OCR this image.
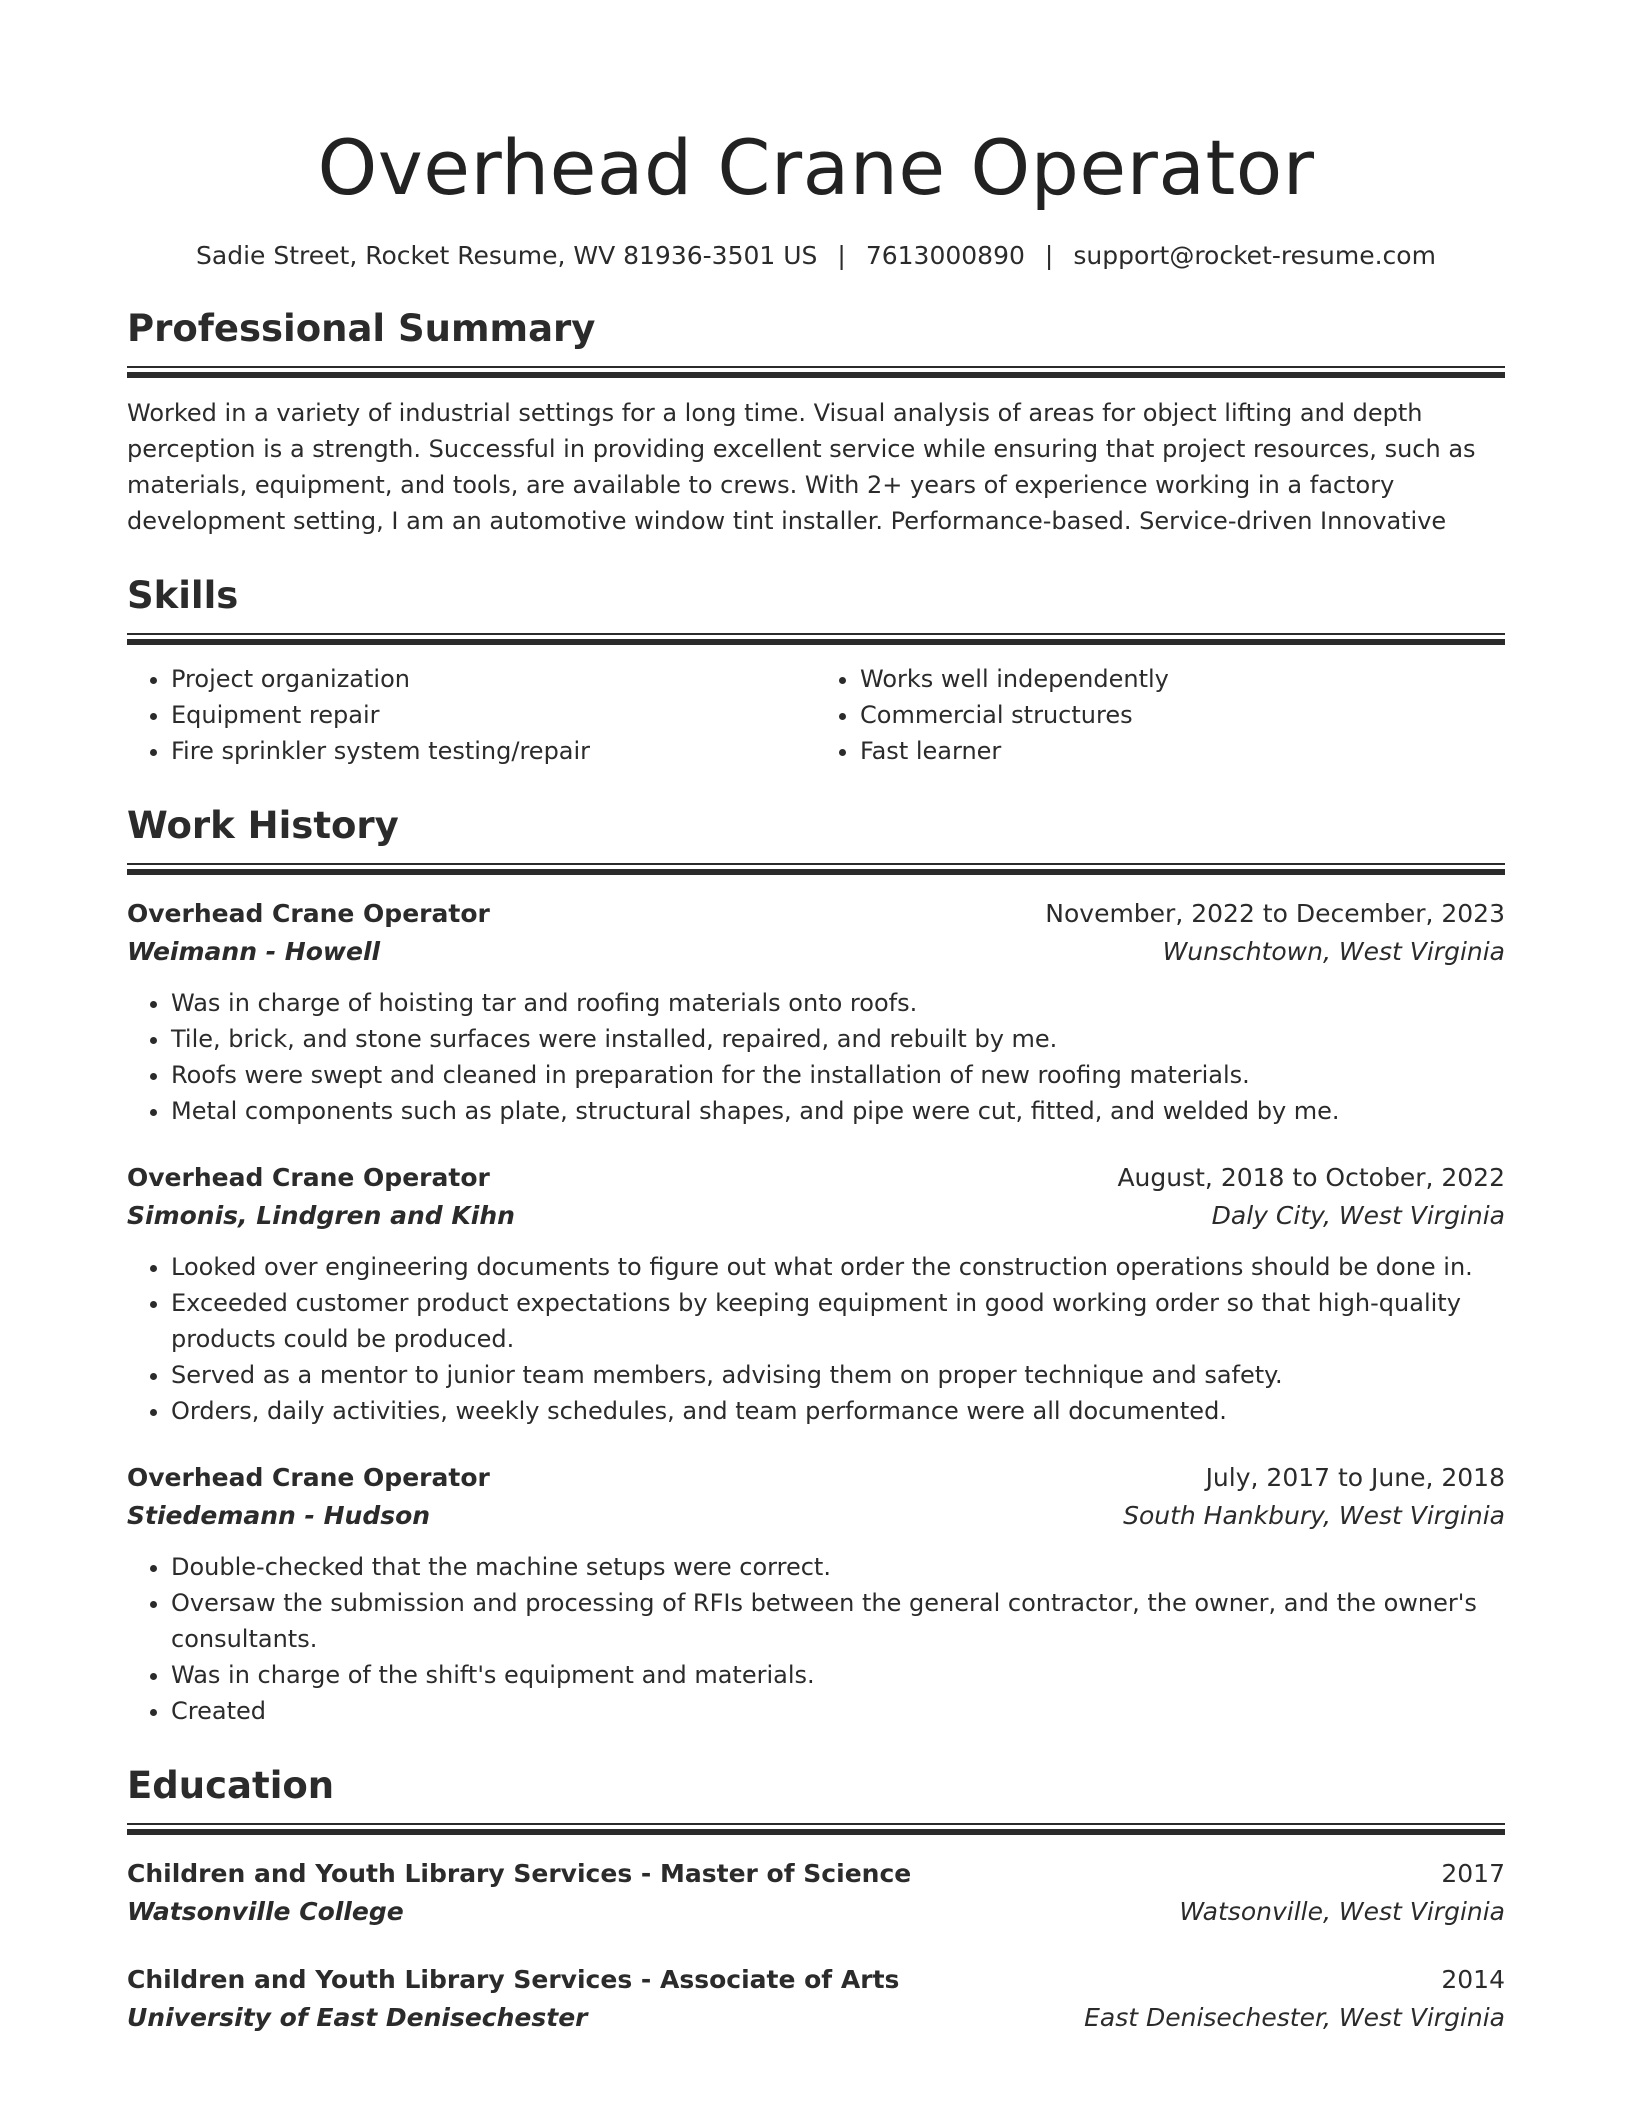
Overhead Crane Operator
Sadie Street, Rocket Resume, WV 81936-3501 US | 7613000890 | support@rocket-resume.com
Professional Summary
Worked in a variety of industrial settings for a long time. Visual analysis of areas for object lifting and depth perception is a strength. Successful in providing excellent service while ensuring that project resources, such as materials, equipment, and tools, are available to crews. With 2+ years of experience working in a factory development setting, I am an automotive window tint installer. Performance-based. Service-driven Innovative
Skills
• Project organization
• Equipment repair
• Fire sprinkler system testing/repair
• Works well independently
• Commercial structures
• Fast learner
Work History
Overhead Crane Operator	November, 2022 to December, 2023
Weimann - Howell	Wunschtown, West Virginia
• Was in charge of hoisting tar and roofing materials onto roofs.
• Tile, brick, and stone surfaces were installed, repaired, and rebuilt by me.
• Roofs were swept and cleaned in preparation for the installation of new roofing materials.
• Metal components such as plate, structural shapes, and pipe were cut, fitted, and welded by me.
Overhead Crane Operator	August, 2018 to October, 2022
Simonis, Lindgren and Kihn	Daly City, West Virginia
• Looked over engineering documents to figure out what order the construction operations should be done in.
• Exceeded customer product expectations by keeping equipment in good working order so that high-quality products could be produced.
• Served as a mentor to junior team members, advising them on proper technique and safety.
• Orders, daily activities, weekly schedules, and team performance were all documented.
Overhead Crane Operator	July, 2017 to June, 2018
Stiedemann - Hudson	South Hankbury, West Virginia
• Double-checked that the machine setups were correct.
• Oversaw the submission and processing of RFIs between the general contractor, the owner, and the owner's consultants.
• Was in charge of the shift's equipment and materials.
• Created
Education
Children and Youth Library Services - Master of Science	2017
Watsonville College	Watsonville, West Virginia
Children and Youth Library Services - Associate of Arts	2014
University of East Denisechester	East Denisechester, West Virginia
